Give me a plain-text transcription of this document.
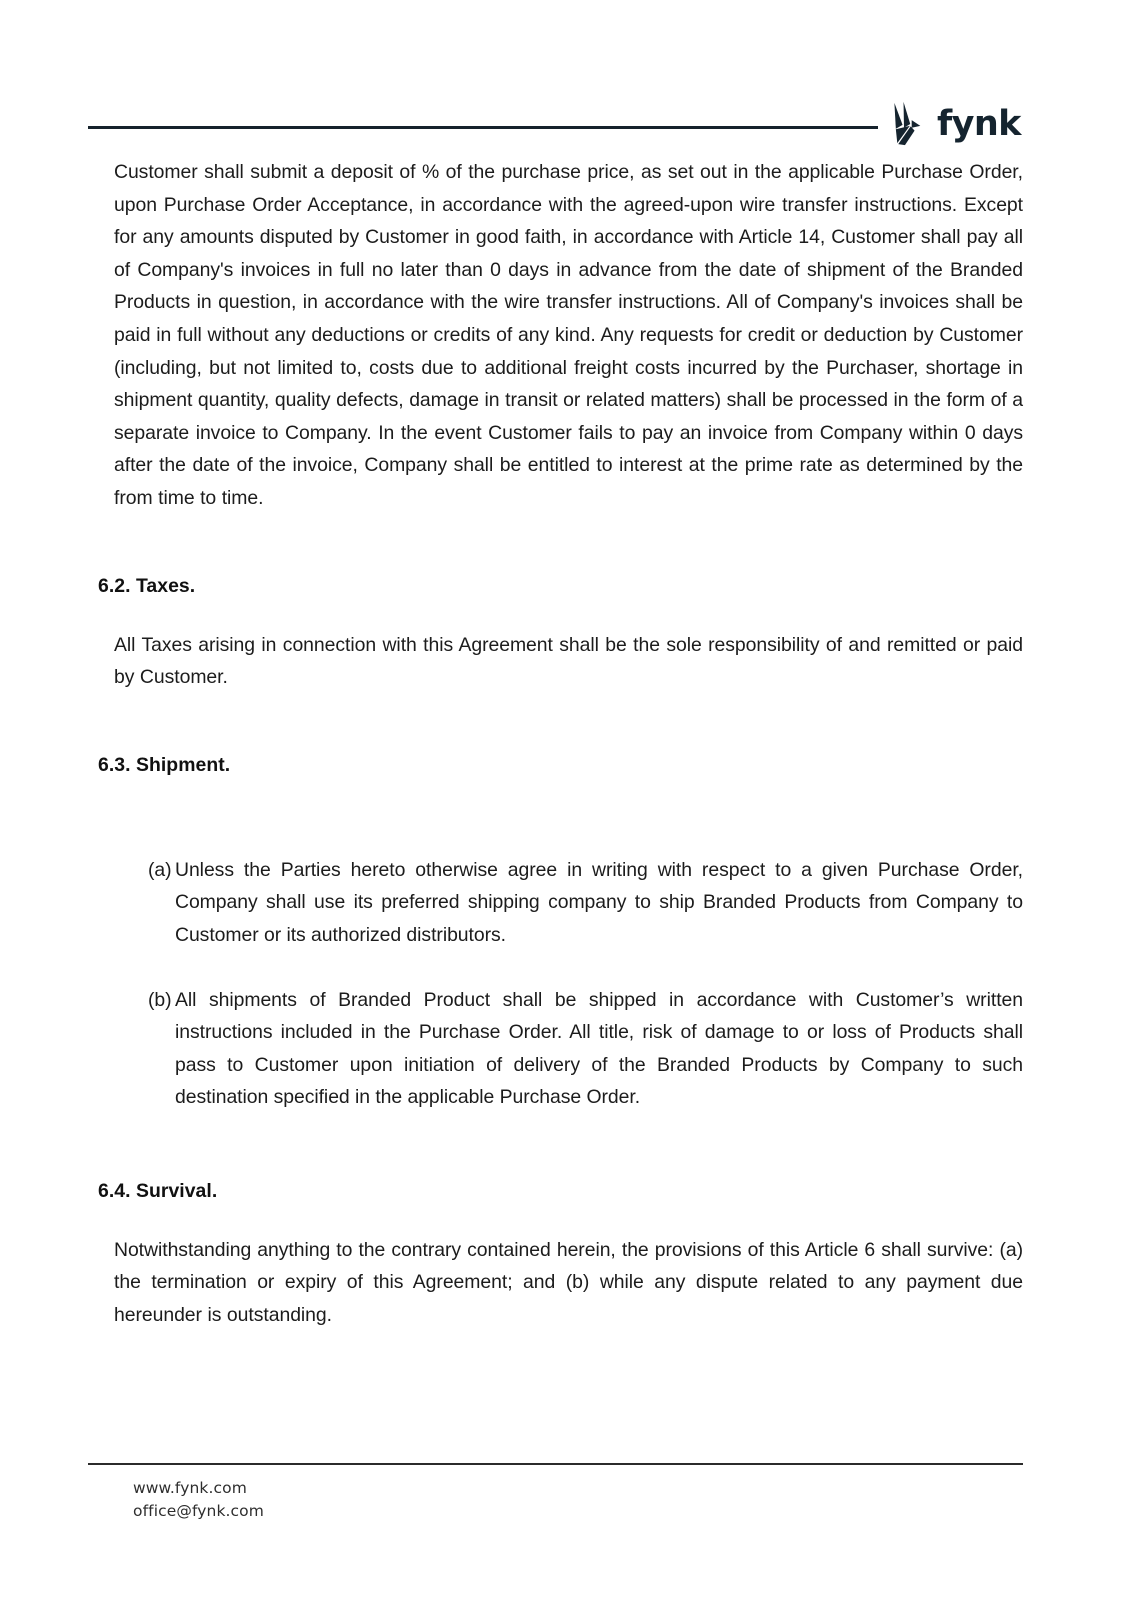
fynk

Customer shall submit a deposit of % of the purchase price, as set out in the applicable Purchase Order, upon Purchase Order Acceptance, in accordance with the agreed-upon wire transfer instructions. Except for any amounts disputed by Customer in good faith, in accordance with Article 14, Customer shall pay all of Company's invoices in full no later than 0 days in advance from the date of shipment of the Branded Products in question, in accordance with the wire transfer instructions. All of Company's invoices shall be paid in full without any deductions or credits of any kind. Any requests for credit or deduction by Customer (including, but not limited to, costs due to additional freight costs incurred by the Purchaser, shortage in shipment quantity, quality defects, damage in transit or related matters) shall be processed in the form of a separate invoice to Company. In the event Customer fails to pay an invoice from Company within 0 days after the date of the invoice, Company shall be entitled to interest at the prime rate as determined by the from time to time.

6.2. Taxes.

All Taxes arising in connection with this Agreement shall be the sole responsibility of and remitted or paid by Customer.

6.3. Shipment.
(a) Unless the Parties hereto otherwise agree in writing with respect to a given Purchase Order, Company shall use its preferred shipping company to ship Branded Products from Company to Customer or its authorized distributors.
(b) All shipments of Branded Product shall be shipped in accordance with Customer’s written instructions included in the Purchase Order. All title, risk of damage to or loss of Products shall pass to Customer upon initiation of delivery of the Branded Products by Company to such destination specified in the applicable Purchase Order.
6.4. Survival.

Notwithstanding anything to the contrary contained herein, the provisions of this Article 6 shall survive: (a) the termination or expiry of this Agreement; and (b) while any dispute related to any payment due hereunder is outstanding.

www.fynk.com
office@fynk.com
